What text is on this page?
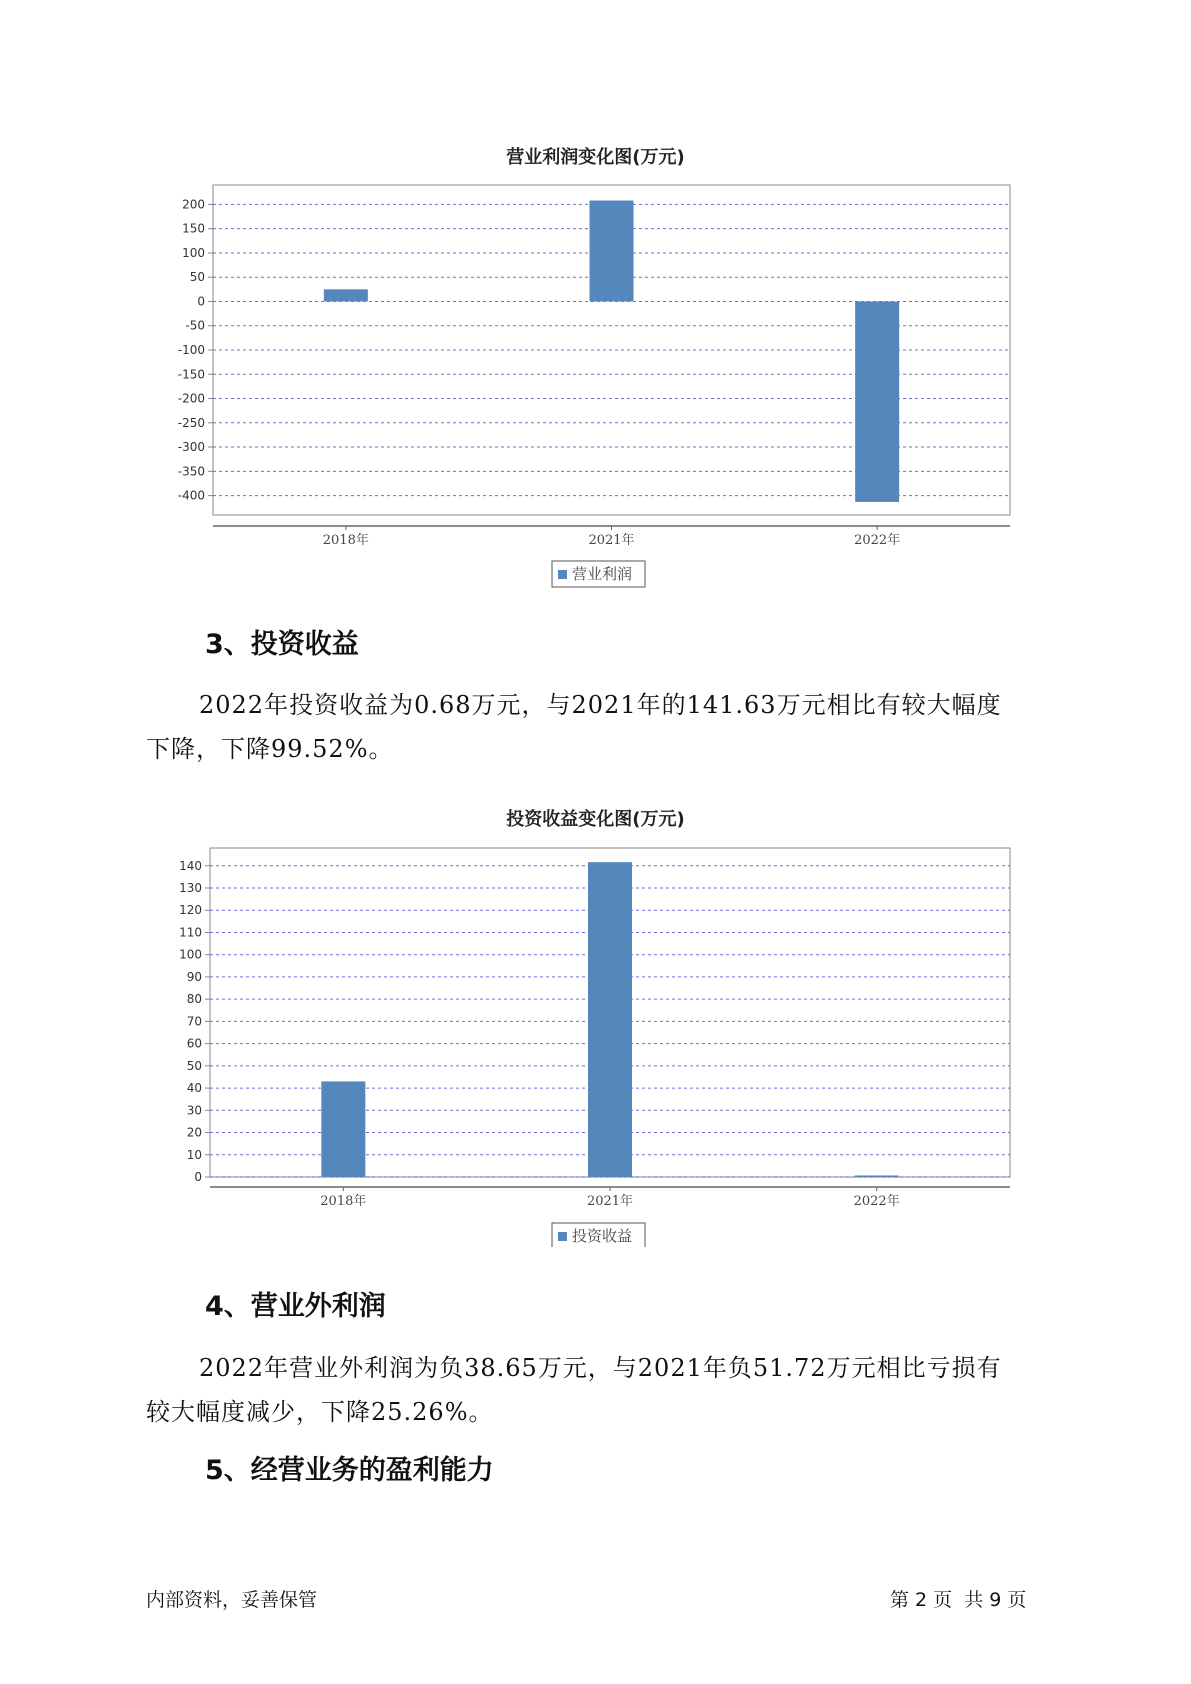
营业利润变化图(万元)
200
150
100
50
0
-50
-100
-150
-200
-250
-300
-350
-400
2018年	2021年	2022年
营业利润
3、投资收益
2022年投资收益为0.68万元，与2021年的141.63万元相比有较大幅度
下降，下降99.52%。
投资收益变化图(万元)
140
130
120
110
100
90
80
70
60
50
40
30
20
10
0
2018年	2021年	2022年
投资收益
4、营业外利润
2022年营业外利润为负38.65万元，与2021年负51.72万元相比亏损有
较大幅度减少，下降25.26%。
5、经营业务的盈利能力
内部资料，妥善保管	第 2 页  共 9 页
